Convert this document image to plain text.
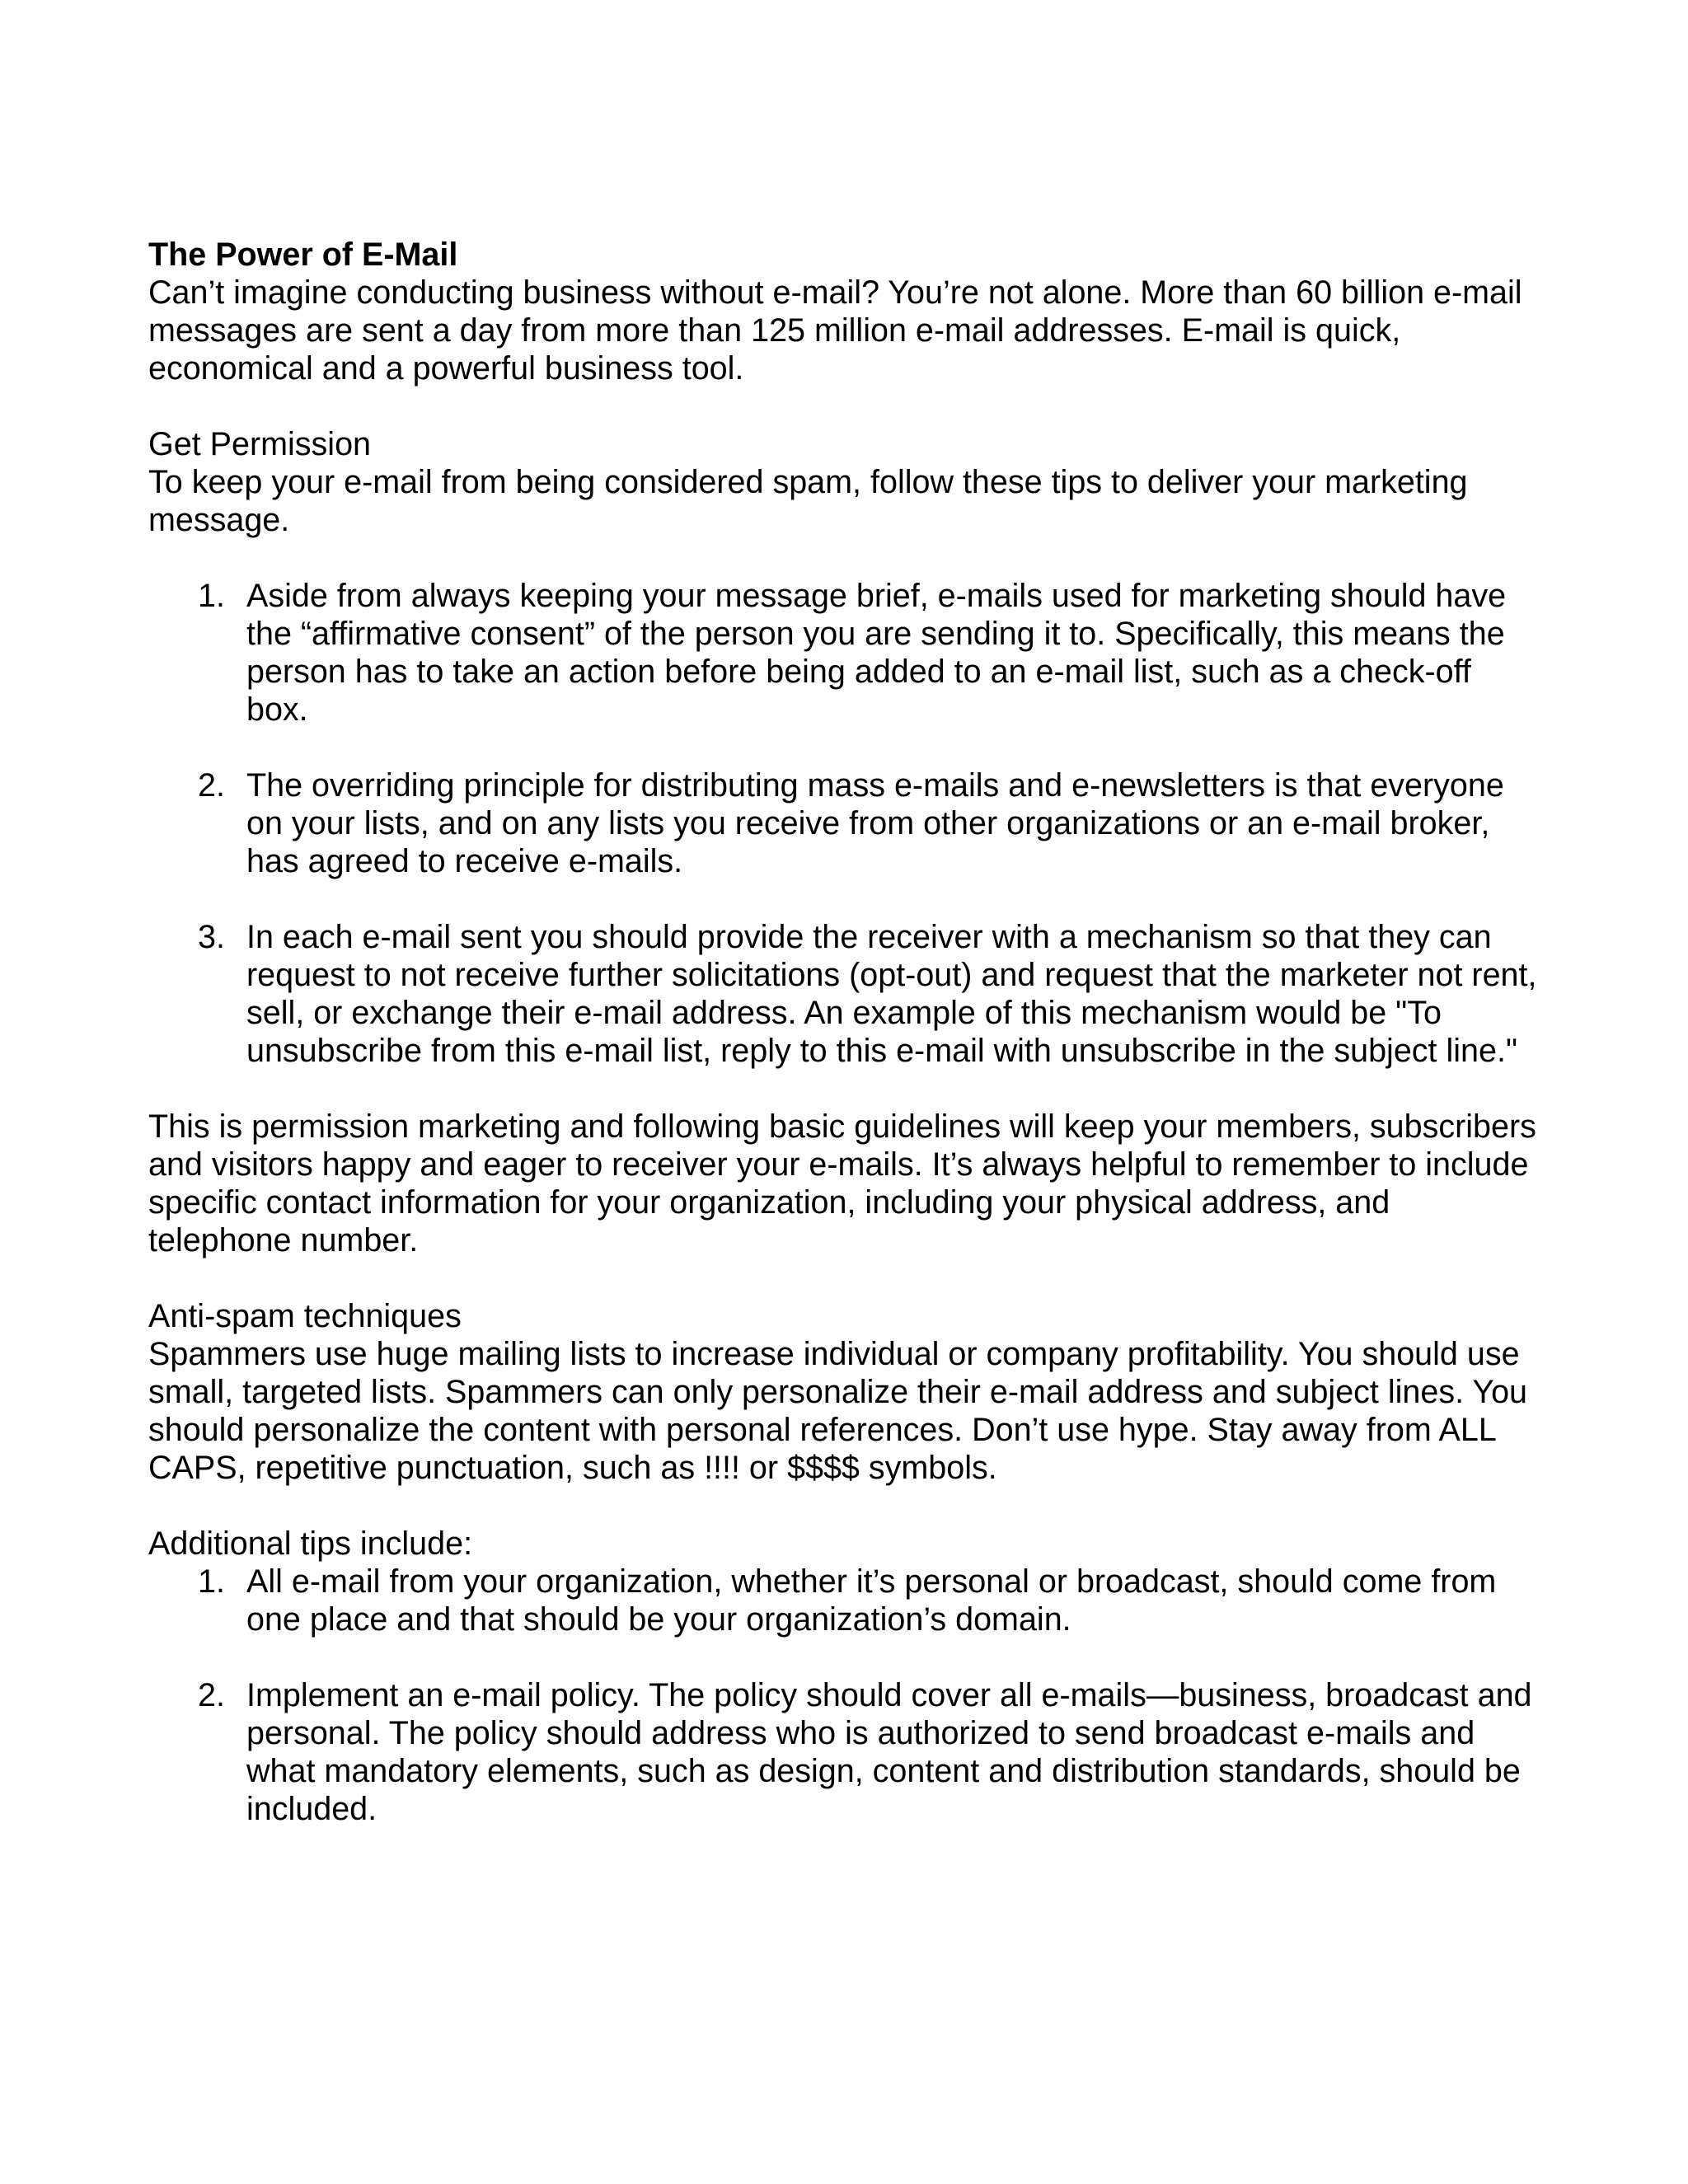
The Power of E-Mail

Can’t imagine conducting business without e-mail? You’re not alone. More than 60 billion e-mail messages are sent a day from more than 125 million e-mail addresses. E-mail is quick, economical and a powerful business tool.

Get Permission

To keep your e-mail from being considered spam, follow these tips to deliver your marketing message.

1. Aside from always keeping your message brief, e-mails used for marketing should have the “affirmative consent” of the person you are sending it to. Specifically, this means the person has to take an action before being added to an e-mail list, such as a check-off box.
2. The overriding principle for distributing mass e-mails and e-newsletters is that everyone on your lists, and on any lists you receive from other organizations or an e-mail broker, has agreed to receive e-mails.
3. In each e-mail sent you should provide the receiver with a mechanism so that they can request to not receive further solicitations (opt-out) and request that the marketer not rent, sell, or exchange their e-mail address. An example of this mechanism would be "To unsubscribe from this e-mail list, reply to this e-mail with unsubscribe in the subject line."

This is permission marketing and following basic guidelines will keep your members, subscribers and visitors happy and eager to receiver your e-mails. It’s always helpful to remember to include specific contact information for your organization, including your physical address, and telephone number.

Anti-spam techniques

Spammers use huge mailing lists to increase individual or company profitability. You should use small, targeted lists. Spammers can only personalize their e-mail address and subject lines. You should personalize the content with personal references. Don’t use hype. Stay away from ALL CAPS, repetitive punctuation, such as !!!! or $$$$ symbols.

Additional tips include:

1. All e-mail from your organization, whether it’s personal or broadcast, should come from one place and that should be your organization’s domain.
2. Implement an e-mail policy. The policy should cover all e-mails—business, broadcast and personal. The policy should address who is authorized to send broadcast e-mails and what mandatory elements, such as design, content and distribution standards, should be included.
